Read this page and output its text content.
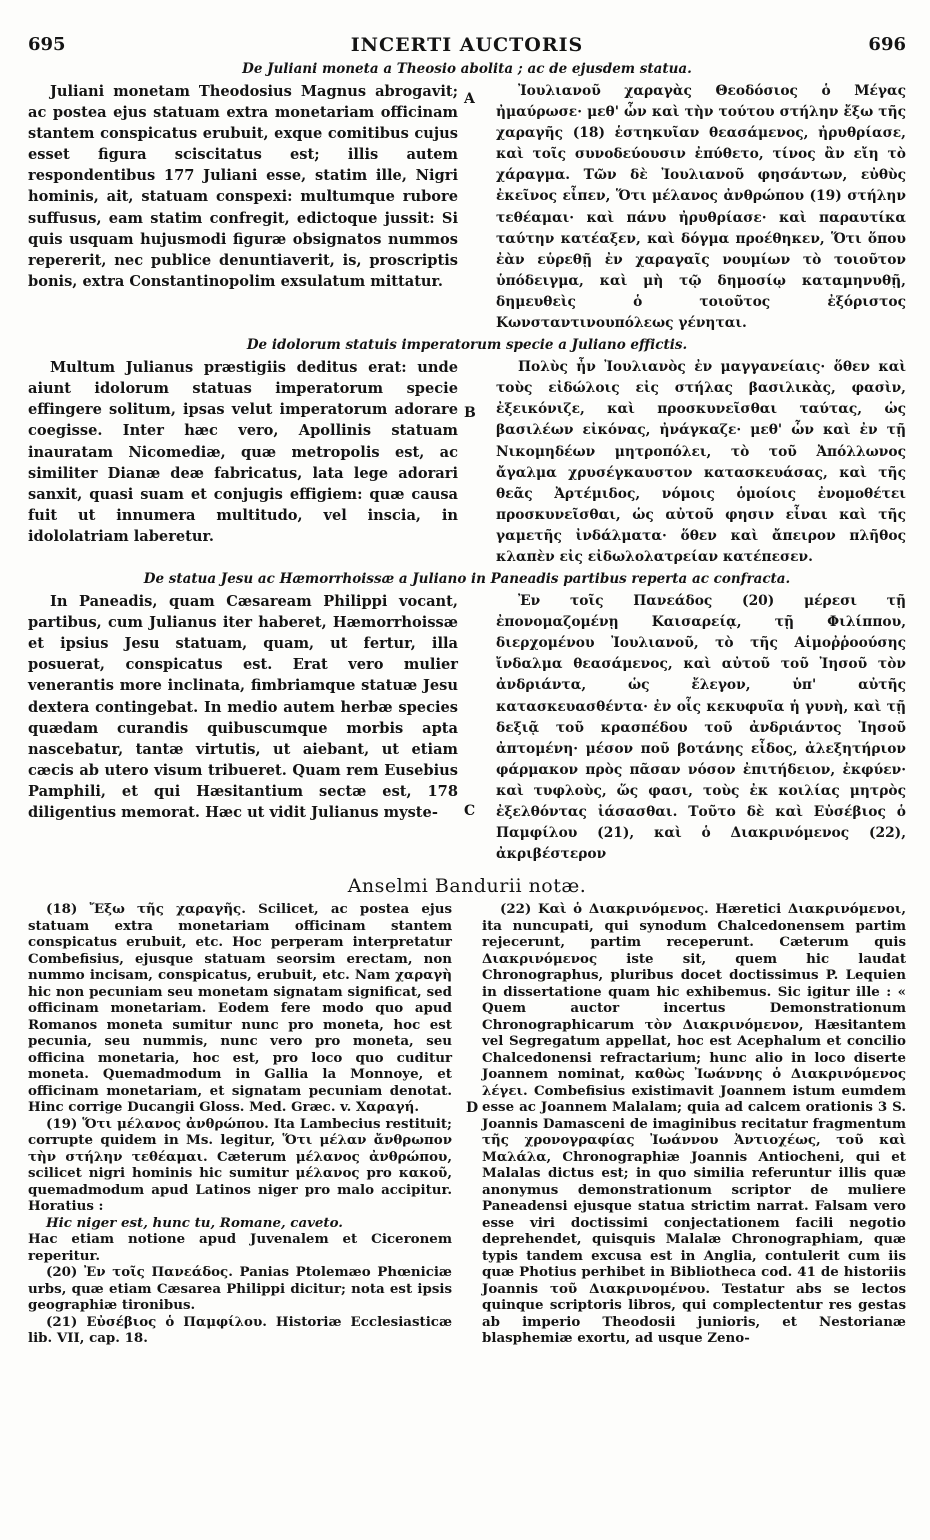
695	INCERTI AUCTORIS	696
De Juliani moneta a Theosio abolita ; ac de ejusdem statua.
A

Juliani monetam Theodosius Magnus abrogavit; ac postea ejus statuam extra monetariam officinam stantem conspicatus erubuit, exque comitibus cujus esset figura sciscitatus est; illis autem respondentibus 177 Juliani esse, statim ille, Nigri hominis, ait, statuam conspexi: multumque rubore suffusus, eam statim confregit, edictoque jussit: Si quis usquam hujusmodi figuræ obsignatos nummos repererit, nec publice denuntiaverit, is, proscriptis bonis, extra Constantinopolim exsulatum mittatur.

Ἰουλιανοῦ χαραγὰς Θεοδόσιος ὁ Μέγας ἠμαύρωσε· μεθ' ὧν καὶ τὴν τούτου στήλην ἔξω τῆς χαραγῆς (18) ἑστηκυῖαν θεασάμενος, ἠρυθρίασε, καὶ τοῖς συνοδεύουσιν ἐπύθετο, τίνος ἂν εἴη τὸ χάραγμα. Τῶν δὲ Ἰουλιανοῦ φησάντων, εὐθὺς ἐκεῖνος εἶπεν, Ὅτι μέλανος ἀνθρώπου (19) στήλην τεθέαμαι· καὶ πάνυ ἠρυθρίασε· καὶ παραυτίκα ταύτην κατέαξεν, καὶ δόγμα προέθηκεν, Ὅτι ὅπου ἐὰν εὑρεθῇ ἐν χαραγαῖς νουμίων τὸ τοιοῦτον ὑπόδειγμα, καὶ μὴ τῷ δημοσίῳ καταμηνυθῇ, δημευθεὶς ὁ τοιοῦτος ἐξόριστος Κωνσταντινουπόλεως γένηται.

De idolorum statuis imperatorum specie a Juliano effictis.
B

Multum Julianus præstigiis deditus erat: unde aiunt idolorum statuas imperatorum specie effingere solitum, ipsas velut imperatorum adorare coegisse. Inter hæc vero, Apollinis statuam inauratam Nicomediæ, quæ metropolis est, ac similiter Dianæ deæ fabricatus, lata lege adorari sanxit, quasi suam et conjugis effigiem: quæ causa fuit ut innumera multitudo, vel inscia, in idololatriam laberetur.

Πολὺς ἦν Ἰουλιανὸς ἐν μαγγανείαις· ὅθεν καὶ τοὺς εἰδώλοις εἰς στήλας βασιλικὰς, φασὶν, ἐξεικόνιζε, καὶ προσκυνεῖσθαι ταύτας, ὡς βασιλέων εἰκόνας, ἠνάγκαζε· μεθ' ὧν καὶ ἐν τῇ Νικομηδέων μητροπόλει, τὸ τοῦ Ἀπόλλωνος ἄγαλμα χρυσέγκαυστον κατασκευάσας, καὶ τῆς θεᾶς Ἀρτέμιδος, νόμοις ὁμοίοις ἐνομοθέτει προσκυνεῖσθαι, ὡς αὐτοῦ φησιν εἶναι καὶ τῆς γαμετῆς ἰνδάλματα· ὅθεν καὶ ἄπειρον πλῆθος κλαπὲν εἰς εἰδωλολατρείαν κατέπεσεν.

De statua Jesu ac Hæmorrhoissæ a Juliano in Paneadis partibus reperta ac confracta.
C

In Paneadis, quam Cæsaream Philippi vocant, partibus, cum Julianus iter haberet, Hæmorrhoissæ et ipsius Jesu statuam, quam, ut fertur, illa posuerat, conspicatus est. Erat vero mulier venerantis more inclinata, fimbriamque statuæ Jesu dextera contingebat. In medio autem herbæ species quædam curandis quibuscumque morbis apta nascebatur, tantæ virtutis, ut aiebant, ut etiam cæcis ab utero visum tribueret. Quam rem Eusebius Pamphili, et qui Hæsitantium sectæ est, 178 diligentius memorat. Hæc ut vidit Julianus myste-

Ἐν τοῖς Πανεάδος (20) μέρεσι τῇ ἐπονομαζομένῃ Καισαρείᾳ, τῇ Φιλίππου, διερχομένου Ἰουλιανοῦ, τὸ τῆς Αἱμοῤῥοούσης ἴνδαλμα θεασάμενος, καὶ αὐτοῦ τοῦ Ἰησοῦ τὸν ἀνδριάντα, ὡς ἔλεγον, ὑπ' αὐτῆς κατασκευασθέντα· ἐν οἷς κεκυφυῖα ἡ γυνὴ, καὶ τῇ δεξιᾷ τοῦ κρασπέδου τοῦ ἀνδριάντος Ἰησοῦ ἀπτομένη· μέσον ποῦ βοτάνης εἶδος, ἀλεξητήριον φάρμακον πρὸς πᾶσαν νόσον ἐπιτήδειον, ἐκφύεν· καὶ τυφλοὺς, ὥς φασι, τοὺς ἐκ κοιλίας μητρὸς ἐξελθόντας ἰάσασθαι. Τοῦτο δὲ καὶ Εὐσέβιος ὁ Παμφίλου (21), καὶ ὁ Διακρινόμενος (22), ἀκριβέστερον

Anselmi Bandurii notæ.

(18) Ἔξω τῆς χαραγῆς. Scilicet, ac postea ejus statuam extra monetariam officinam stantem conspicatus erubuit, etc. Hoc perperam interpretatur Combefisius, ejusque statuam seorsim erectam, non nummo incisam, conspicatus, erubuit, etc. Nam χαραγὴ hic non pecuniam seu monetam signatam significat, sed officinam monetariam. Eodem fere modo quo apud Romanos moneta sumitur nunc pro moneta, hoc est pecunia, seu nummis, nunc vero pro moneta, seu officina monetaria, hoc est, pro loco quo cuditur moneta. Quemadmodum in Gallia la Monnoye, et officinam monetariam, et signatam pecuniam denotat. Hinc corrige Ducangii Gloss. Med. Græc. v. Χαραγή.

(19) Ὅτι μέλανος ἀνθρώπου. Ita Lambecius restituit; corrupte quidem in Ms. legitur, Ὅτι μέλαν ἄνθρωπον τὴν στήλην τεθέαμαι. Cæterum μέλανος ἀνθρώπου, scilicet nigri hominis hic sumitur μέλανος pro κακοῦ, quemadmodum apud Latinos niger pro malo accipitur. Horatius :

Hic niger est, hunc tu, Romane, caveto.

Hac etiam notione apud Juvenalem et Ciceronem reperitur.

(20) Ἐν τοῖς Πανεάδος. Panias Ptolemæo Phœniciæ urbs, quæ etiam Cæsarea Philippi dicitur; nota est ipsis geographiæ tironibus.

(21) Εὐσέβιος ὁ Παμφίλου. Historiæ Ecclesiasticæ lib. VII, cap. 18.

(22) Καὶ ὁ Διακρινόμενος. Hæretici Διακρινόμενοι, ita nuncupati, qui synodum Chalcedonensem partim rejecerunt, partim receperunt. Cæterum quis Διακρινόμενος iste sit, quem hic laudat Chronographus, pluribus docet doctissimus P. Lequien in dissertatione quam hic exhibemus. Sic igitur ille : « Quem auctor incertus Demonstrationum Chronographicarum τὸν Διακρινόμενον, Hæsitantem vel Segregatum appellat, hoc est Acephalum et concilio Chalcedonensi refractarium; hunc alio in loco diserte Joannem nominat, καθὼς Ἰωάννης ὁ Διακρινόμενος λέγει. Combefisius existimavit Joannem istum eumdem esse ac Joannem Malalam; quia ad calcem orationis 3 S. Joannis Damasceni de imaginibus recitatur fragmentum τῆς χρονογραφίας Ἰωάννου Ἀντιοχέως, τοῦ καὶ Μαλάλα, Chronographiæ Joannis Antiocheni, qui et Malalas dictus est; in quo similia referuntur illis quæ anonymus demonstrationum scriptor de muliere Paneadensi ejusque statua strictim narrat. Falsam vero esse viri doctissimi conjectationem facili negotio deprehendet, quisquis Malalæ Chronographiam, quæ typis tandem excusa est in Anglia, contulerit cum iis quæ Photius perhibet in Bibliotheca cod. 41 de historiis Joannis τοῦ Διακρινομένου. Testatur abs se lectos quinque scriptoris libros, qui complectentur res gestas ab imperio Theodosii junioris, et Nestorianæ blasphemiæ exortu, ad usque Zeno-

D
